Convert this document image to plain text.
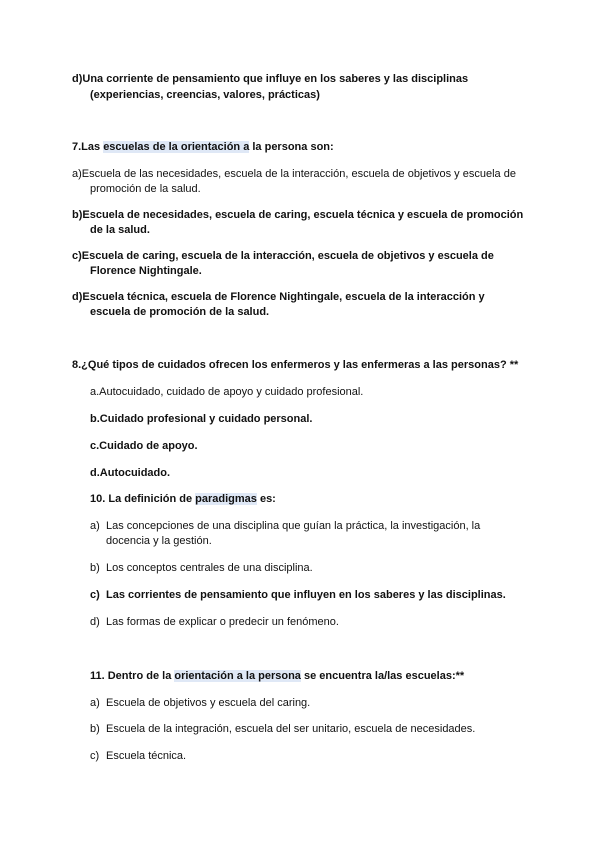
d)Una corriente de pensamiento que influye en los saberes y las disciplinas
(experiencias, creencias, valores, prácticas)
7.Las escuelas de la orientación a la persona son:
a)Escuela de las necesidades, escuela de la interacción, escuela de objetivos y escuela de
promoción de la salud.
b)Escuela de necesidades, escuela de caring, escuela técnica y escuela de promoción
de la salud.
c)Escuela de caring, escuela de la interacción, escuela de objetivos y escuela de
Florence Nightingale.
d)Escuela técnica, escuela de Florence Nightingale, escuela de la interacción y
escuela de promoción de la salud.
8.¿Qué tipos de cuidados ofrecen los enfermeros y las enfermeras a las personas? **
a.Autocuidado, cuidado de apoyo y cuidado profesional.
b.Cuidado profesional y cuidado personal.
c.Cuidado de apoyo.
d.Autocuidado.
10. La definición de paradigmas es:
a) Las concepciones de una disciplina que guían la práctica, la investigación, la
docencia y la gestión.
b) Los conceptos centrales de una disciplina.
c) Las corrientes de pensamiento que influyen en los saberes y las disciplinas.
d) Las formas de explicar o predecir un fenómeno.
11. Dentro de la orientación a la persona se encuentra la/las escuelas:**
a) Escuela de objetivos y escuela del caring.
b) Escuela de la integración, escuela del ser unitario, escuela de necesidades.
c) Escuela técnica.
